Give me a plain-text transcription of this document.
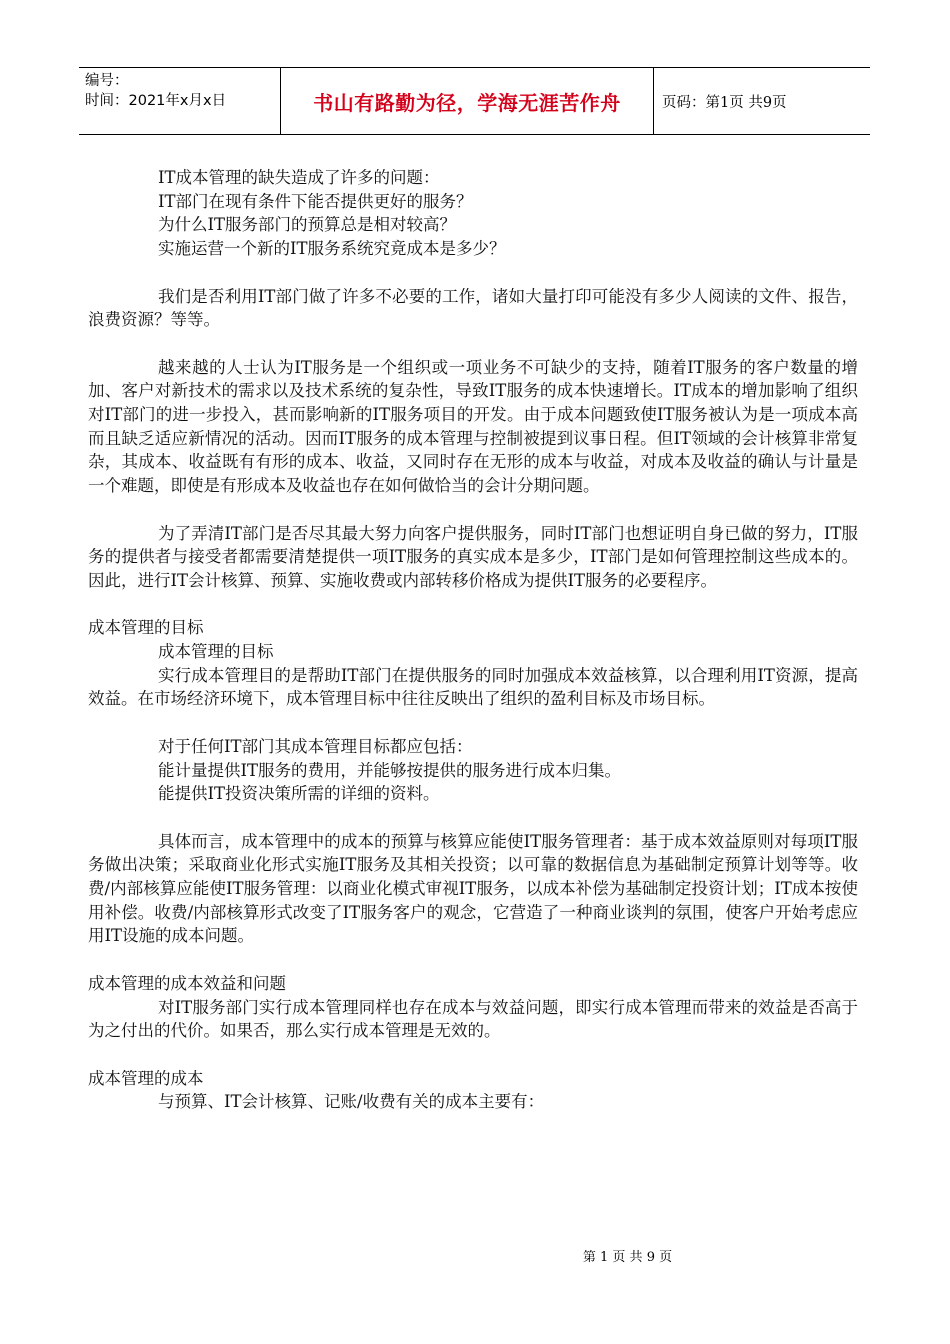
编号：
时间：2021年x月x日	书山有路勤为径，学海无涯苦作舟	页码：第1页 共9页

IT成本管理的缺失造成了许多的问题：

IT部门在现有条件下能否提供更好的服务？

为什么IT服务部门的预算总是相对较高？

实施运营一个新的IT服务系统究竟成本是多少？

我们是否利用IT部门做了许多不必要的工作，诸如大量打印可能没有多少人阅读的文件、报告，浪费资源？等等。

越来越的人士认为IT服务是一个组织或一项业务不可缺少的支持，随着IT服务的客户数量的增加、客户对新技术的需求以及技术系统的复杂性，导致IT服务的成本快速增长。IT成本的增加影响了组织对IT部门的进一步投入，甚而影响新的IT服务项目的开发。由于成本问题致使IT服务被认为是一项成本高而且缺乏适应新情况的活动。因而IT服务的成本管理与控制被提到议事日程。但IT领域的会计核算非常复杂，其成本、收益既有有形的成本、收益，又同时存在无形的成本与收益，对成本及收益的确认与计量是一个难题，即使是有形成本及收益也存在如何做恰当的会计分期问题。

为了弄清IT部门是否尽其最大努力向客户提供服务，同时IT部门也想证明自身已做的努力，IT服务的提供者与接受者都需要清楚提供一项IT服务的真实成本是多少，IT部门是如何管理控制这些成本的。因此，进行IT会计核算、预算、实施收费或内部转移价格成为提供IT服务的必要程序。

成本管理的目标

成本管理的目标

实行成本管理目的是帮助IT部门在提供服务的同时加强成本效益核算，以合理利用IT资源，提高效益。在市场经济环境下，成本管理目标中往往反映出了组织的盈利目标及市场目标。

对于任何IT部门其成本管理目标都应包括：

能计量提供IT服务的费用，并能够按提供的服务进行成本归集。

能提供IT投资决策所需的详细的资料。

具体而言，成本管理中的成本的预算与核算应能使IT服务管理者：基于成本效益原则对每项IT服务做出决策；采取商业化形式实施IT服务及其相关投资；以可靠的数据信息为基础制定预算计划等等。收费/内部核算应能使IT服务管理：以商业化模式审视IT服务，以成本补偿为基础制定投资计划；IT成本按使用补偿。收费/内部核算形式改变了IT服务客户的观念，它营造了一种商业谈判的氛围，使客户开始考虑应用IT设施的成本问题。

成本管理的成本效益和问题

对IT服务部门实行成本管理同样也存在成本与效益问题，即实行成本管理而带来的效益是否高于为之付出的代价。如果否，那么实行成本管理是无效的。

成本管理的成本

与预算、IT会计核算、记账/收费有关的成本主要有：

第 1 页 共 9 页
